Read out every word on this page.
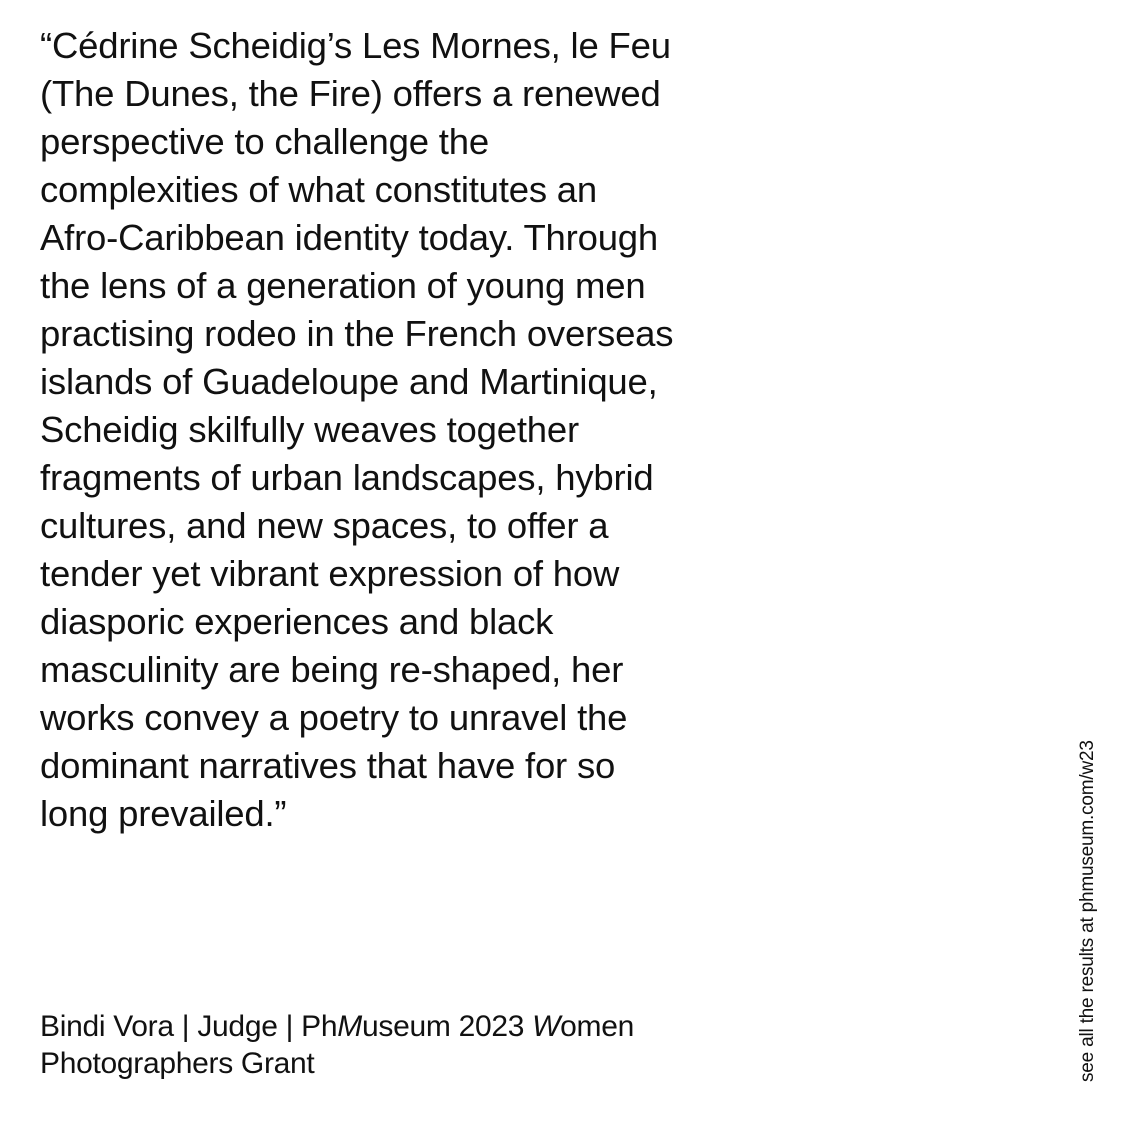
“Cédrine Scheidig’s Les Mornes, le Feu
(The Dunes, the Fire) offers a renewed
perspective to challenge the
complexities of what constitutes an
Afro-Caribbean identity today. Through
the lens of a generation of young men
practising rodeo in the French overseas
islands of Guadeloupe and Martinique,
Scheidig skilfully weaves together
fragments of urban landscapes, hybrid
cultures, and new spaces, to offer a
tender yet vibrant expression of how
diasporic experiences and black
masculinity are being re-shaped, her
works convey a poetry to unravel the
dominant narratives that have for so
long prevailed.”
Bindi Vora | Judge | PhMuseum 2023 Women
Photographers Grant	see all the results at phmuseum.com/w23
